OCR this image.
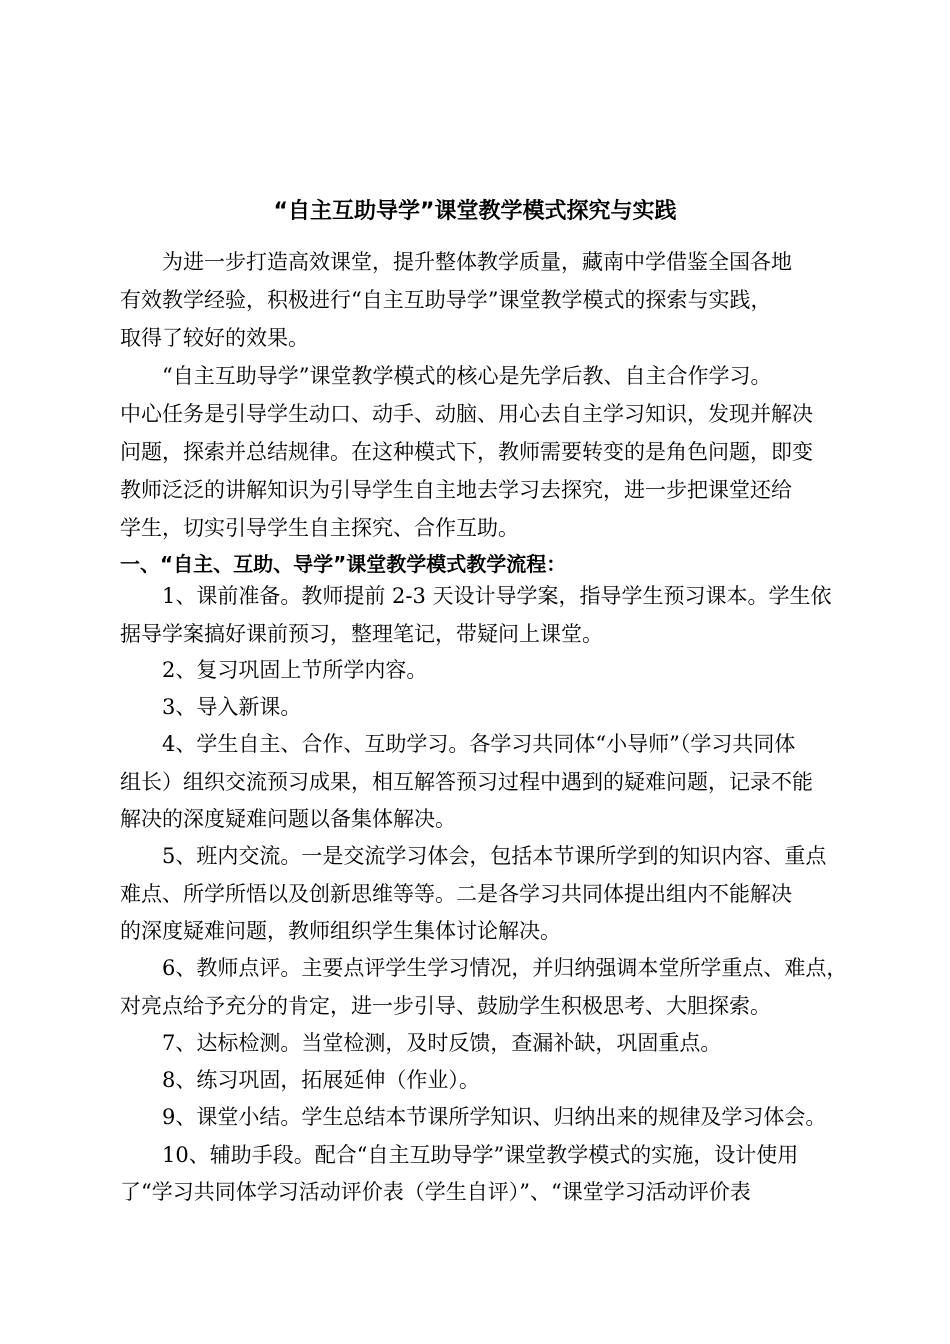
“自主互助导学”课堂教学模式探究与实践

为进一步打造高效课堂，提升整体教学质量，藏南中学借鉴全国各地

有效教学经验，积极进行“自主互助导学”课堂教学模式的探索与实践，

取得了较好的效果。

“自主互助导学”课堂教学模式的核心是先学后教、自主合作学习。

中心任务是引导学生动口、动手、动脑、用心去自主学习知识，发现并解决

问题，探索并总结规律。在这种模式下，教师需要转变的是角色问题，即变

教师泛泛的讲解知识为引导学生自主地去学习去探究，进一步把课堂还给

学生，切实引导学生自主探究、合作互助。

一、“自主、互助、导学”课堂教学模式教学流程：

1、课前准备。教师提前 2-3 天设计导学案，指导学生预习课本。学生依

据导学案搞好课前预习，整理笔记，带疑问上课堂。

2、复习巩固上节所学内容。

3、导入新课。

4、学生自主、合作、互助学习。各学习共同体“小导师”（学习共同体

组长）组织交流预习成果，相互解答预习过程中遇到的疑难问题，记录不能

解决的深度疑难问题以备集体解决。

5、班内交流。一是交流学习体会，包括本节课所学到的知识内容、重点

难点、所学所悟以及创新思维等等。二是各学习共同体提出组内不能解决

的深度疑难问题，教师组织学生集体讨论解决。

6、教师点评。主要点评学生学习情况，并归纳强调本堂所学重点、难点，

对亮点给予充分的肯定，进一步引导、鼓励学生积极思考、大胆探索。

7、达标检测。当堂检测，及时反馈，查漏补缺，巩固重点。

8、练习巩固，拓展延伸（作业）。

9、课堂小结。学生总结本节课所学知识、归纳出来的规律及学习体会。

10、辅助手段。配合“自主互助导学”课堂教学模式的实施，设计使用

了“学习共同体学习活动评价表（学生自评）”、“课堂学习活动评价表
